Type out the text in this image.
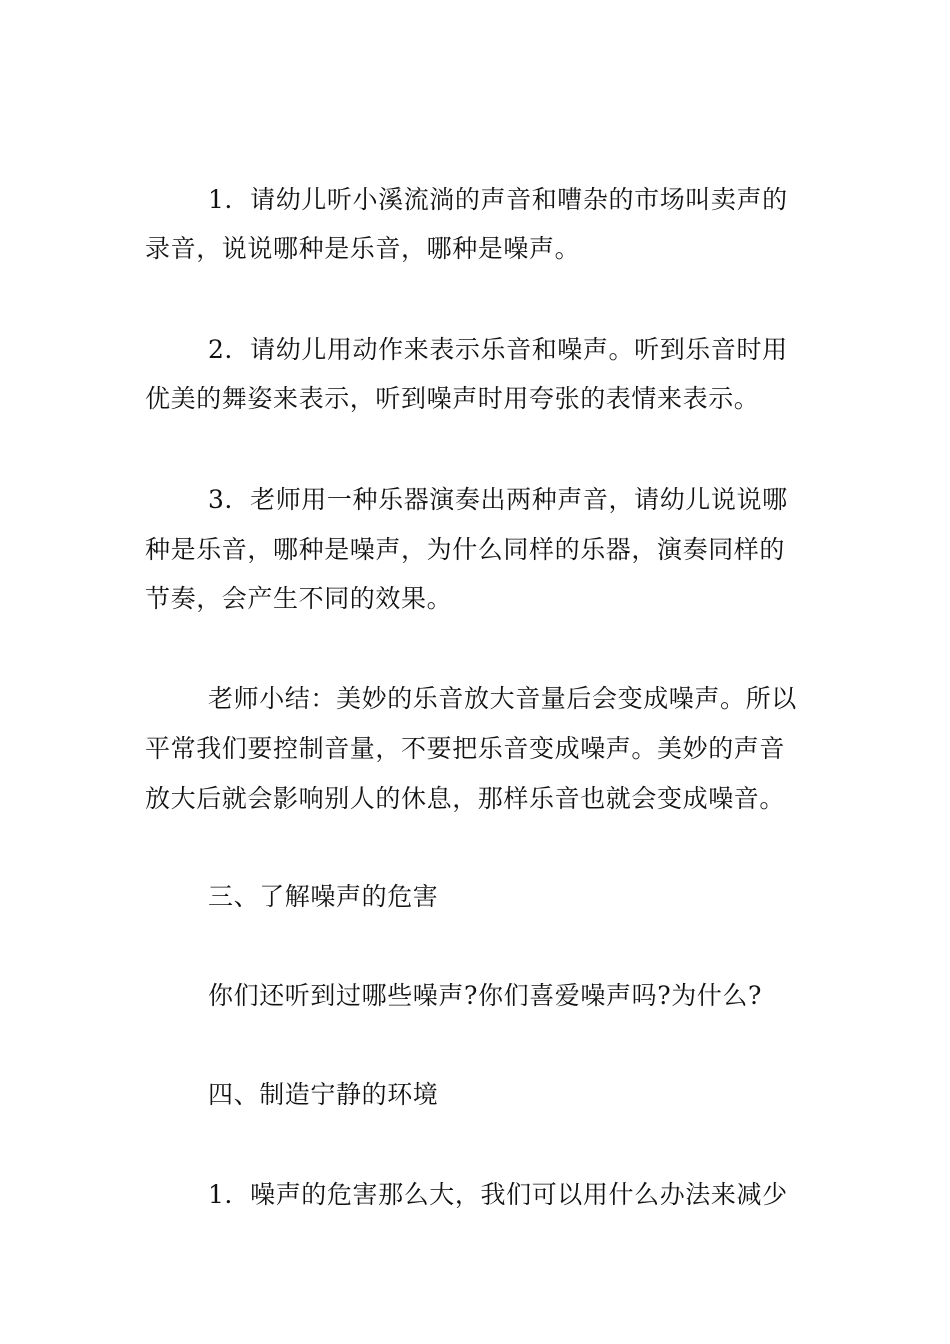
1．请幼儿听小溪流淌的声音和嘈杂的市场叫卖声的
录音，说说哪种是乐音，哪种是噪声。
2．请幼儿用动作来表示乐音和噪声。听到乐音时用
优美的舞姿来表示，听到噪声时用夸张的表情来表示。
3．老师用一种乐器演奏出两种声音，请幼儿说说哪
种是乐音，哪种是噪声，为什么同样的乐器，演奏同样的
节奏，会产生不同的效果。
老师小结：美妙的乐音放大音量后会变成噪声。所以
平常我们要控制音量，不要把乐音变成噪声。美妙的声音
放大后就会影响别人的休息，那样乐音也就会变成噪音。
三、了解噪声的危害
你们还听到过哪些噪声?你们喜爱噪声吗?为什么?
四、制造宁静的环境
1．噪声的危害那么大，我们可以用什么办法来减少
